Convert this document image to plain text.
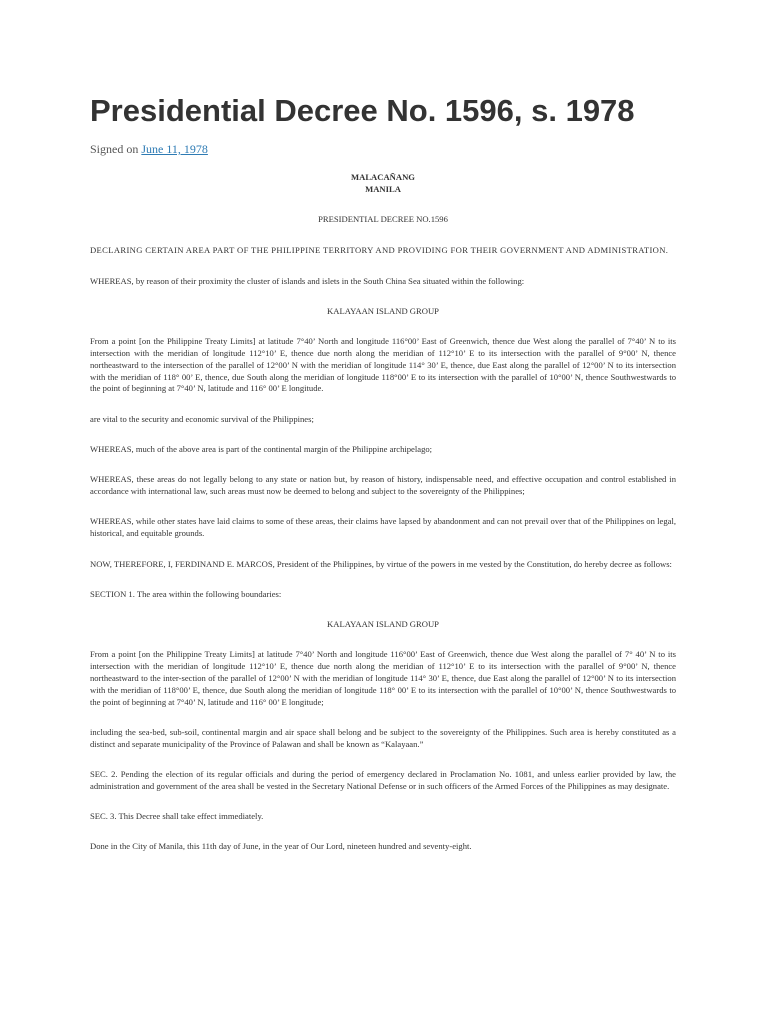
Presidential Decree No. 1596, s. 1978
Signed on June 11, 1978

MALACAÑANG

MANILA

PRESIDENTIAL DECREE NO.1596

DECLARING CERTAIN AREA PART OF THE PHILIPPINE TERRITORY AND PROVIDING FOR THEIR GOVERNMENT AND ADMINISTRATION.

WHEREAS, by reason of their proximity the cluster of islands and islets in the South China Sea situated within the following:

KALAYAAN ISLAND GROUP

From a point [on the Philippine Treaty Limits] at latitude 7°40’ North and longitude 116°00’ East of Greenwich, thence due West along the parallel of 7°40’ N to its intersection with the meridian of longitude 112°10’ E, thence due north along the meridian of 112°10’ E to its intersection with the parallel of 9°00’ N, thence northeastward to the intersection of the parallel of 12°00’ N with the meridian of longitude 114° 30’ E, thence, due East along the parallel of 12°00’ N to its intersection with the meridian of 118° 00’ E, thence, due South along the meridian of longitude 118°00’ E to its intersection with the parallel of 10°00’ N, thence Southwestwards to the point of beginning at 7°40’ N, latitude and 116° 00’ E longitude.

are vital to the security and economic survival of the Philippines;

WHEREAS, much of the above area is part of the continental margin of the Philippine archipelago;

WHEREAS, these areas do not legally belong to any state or nation but, by reason of history, indispensable need, and effective occupation and control established in accordance with international law, such areas must now be deemed to belong and subject to the sovereignty of the Philippines;

WHEREAS, while other states have laid claims to some of these areas, their claims have lapsed by abandonment and can not prevail over that of the Philippines on legal, historical, and equitable grounds.

NOW, THEREFORE, I, FERDINAND E. MARCOS, President of the Philippines, by virtue of the powers in me vested by the Constitution, do hereby decree as follows:

SECTION 1. The area within the following boundaries:

KALAYAAN ISLAND GROUP

From a point [on the Philippine Treaty Limits] at latitude 7°40’ North and longitude 116°00’ East of Greenwich, thence due West along the parallel of 7° 40’ N to its intersection with the meridian of longitude 112°10’ E, thence due north along the meridian of 112°10’ E to its intersection with the parallel of 9°00’ N, thence northeastward to the inter-section of the parallel of 12°00’ N with the meridian of longitude 114° 30’ E, thence, due East along the parallel of 12°00’ N to its intersection with the meridian of 118°00’ E, thence, due South along the meridian of longitude 118° 00’ E to its intersection with the parallel of 10°00’ N, thence Southwestwards to the point of beginning at 7°40’ N, latitude and 116° 00’ E longitude;

including the sea-bed, sub-soil, continental margin and air space shall belong and be subject to the sovereignty of the Philippines. Such area is hereby constituted as a distinct and separate municipality of the Province of Palawan and shall be known as “Kalayaan.”

SEC. 2. Pending the election of its regular officials and during the period of emergency declared in Proclamation No. 1081, and unless earlier provided by law, the administration and government of the area shall be vested in the Secretary National Defense or in such officers of the Armed Forces of the Philippines as may designate.

SEC. 3. This Decree shall take effect immediately.

Done in the City of Manila, this 11th day of June, in the year of Our Lord, nineteen hundred and seventy-eight.
